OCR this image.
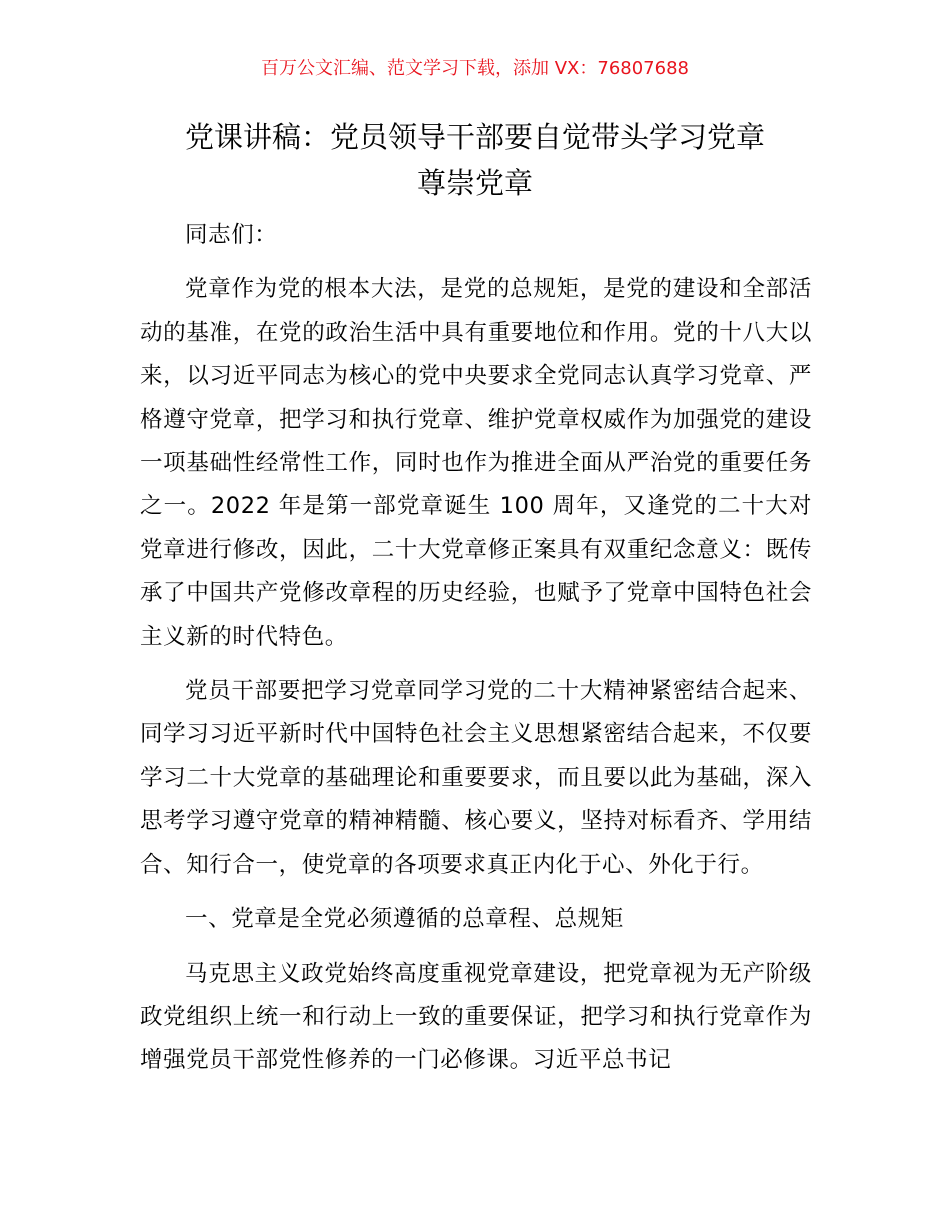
百万公文汇编、范文学习下载，添加 VX：76807688
党课讲稿：党员领导干部要自觉带头学习党章
尊崇党章

同志们：

党章作为党的根本大法，是党的总规矩，是党的建设和全部活动的基准，在党的政治生活中具有重要地位和作用。党的十八大以来，以习近平同志为核心的党中央要求全党同志认真学习党章、严格遵守党章，把学习和执行党章、维护党章权威作为加强党的建设一项基础性经常性工作，同时也作为推进全面从严治党的重要任务之一。2022 年是第一部党章诞生 100 周年，又逢党的二十大对党章进行修改，因此，二十大党章修正案具有双重纪念意义：既传承了中国共产党修改章程的历史经验，也赋予了党章中国特色社会主义新的时代特色。

党员干部要把学习党章同学习党的二十大精神紧密结合起来、同学习习近平新时代中国特色社会主义思想紧密结合起来，不仅要学习二十大党章的基础理论和重要要求，而且要以此为基础，深入思考学习遵守党章的精神精髓、核心要义，坚持对标看齐、学用结合、知行合一，使党章的各项要求真正内化于心、外化于行。

一、党章是全党必须遵循的总章程、总规矩

马克思主义政党始终高度重视党章建设，把党章视为无产阶级政党组织上统一和行动上一致的重要保证，把学习和执行党章作为增强党员干部党性修养的一门必修课。习近平总书记
